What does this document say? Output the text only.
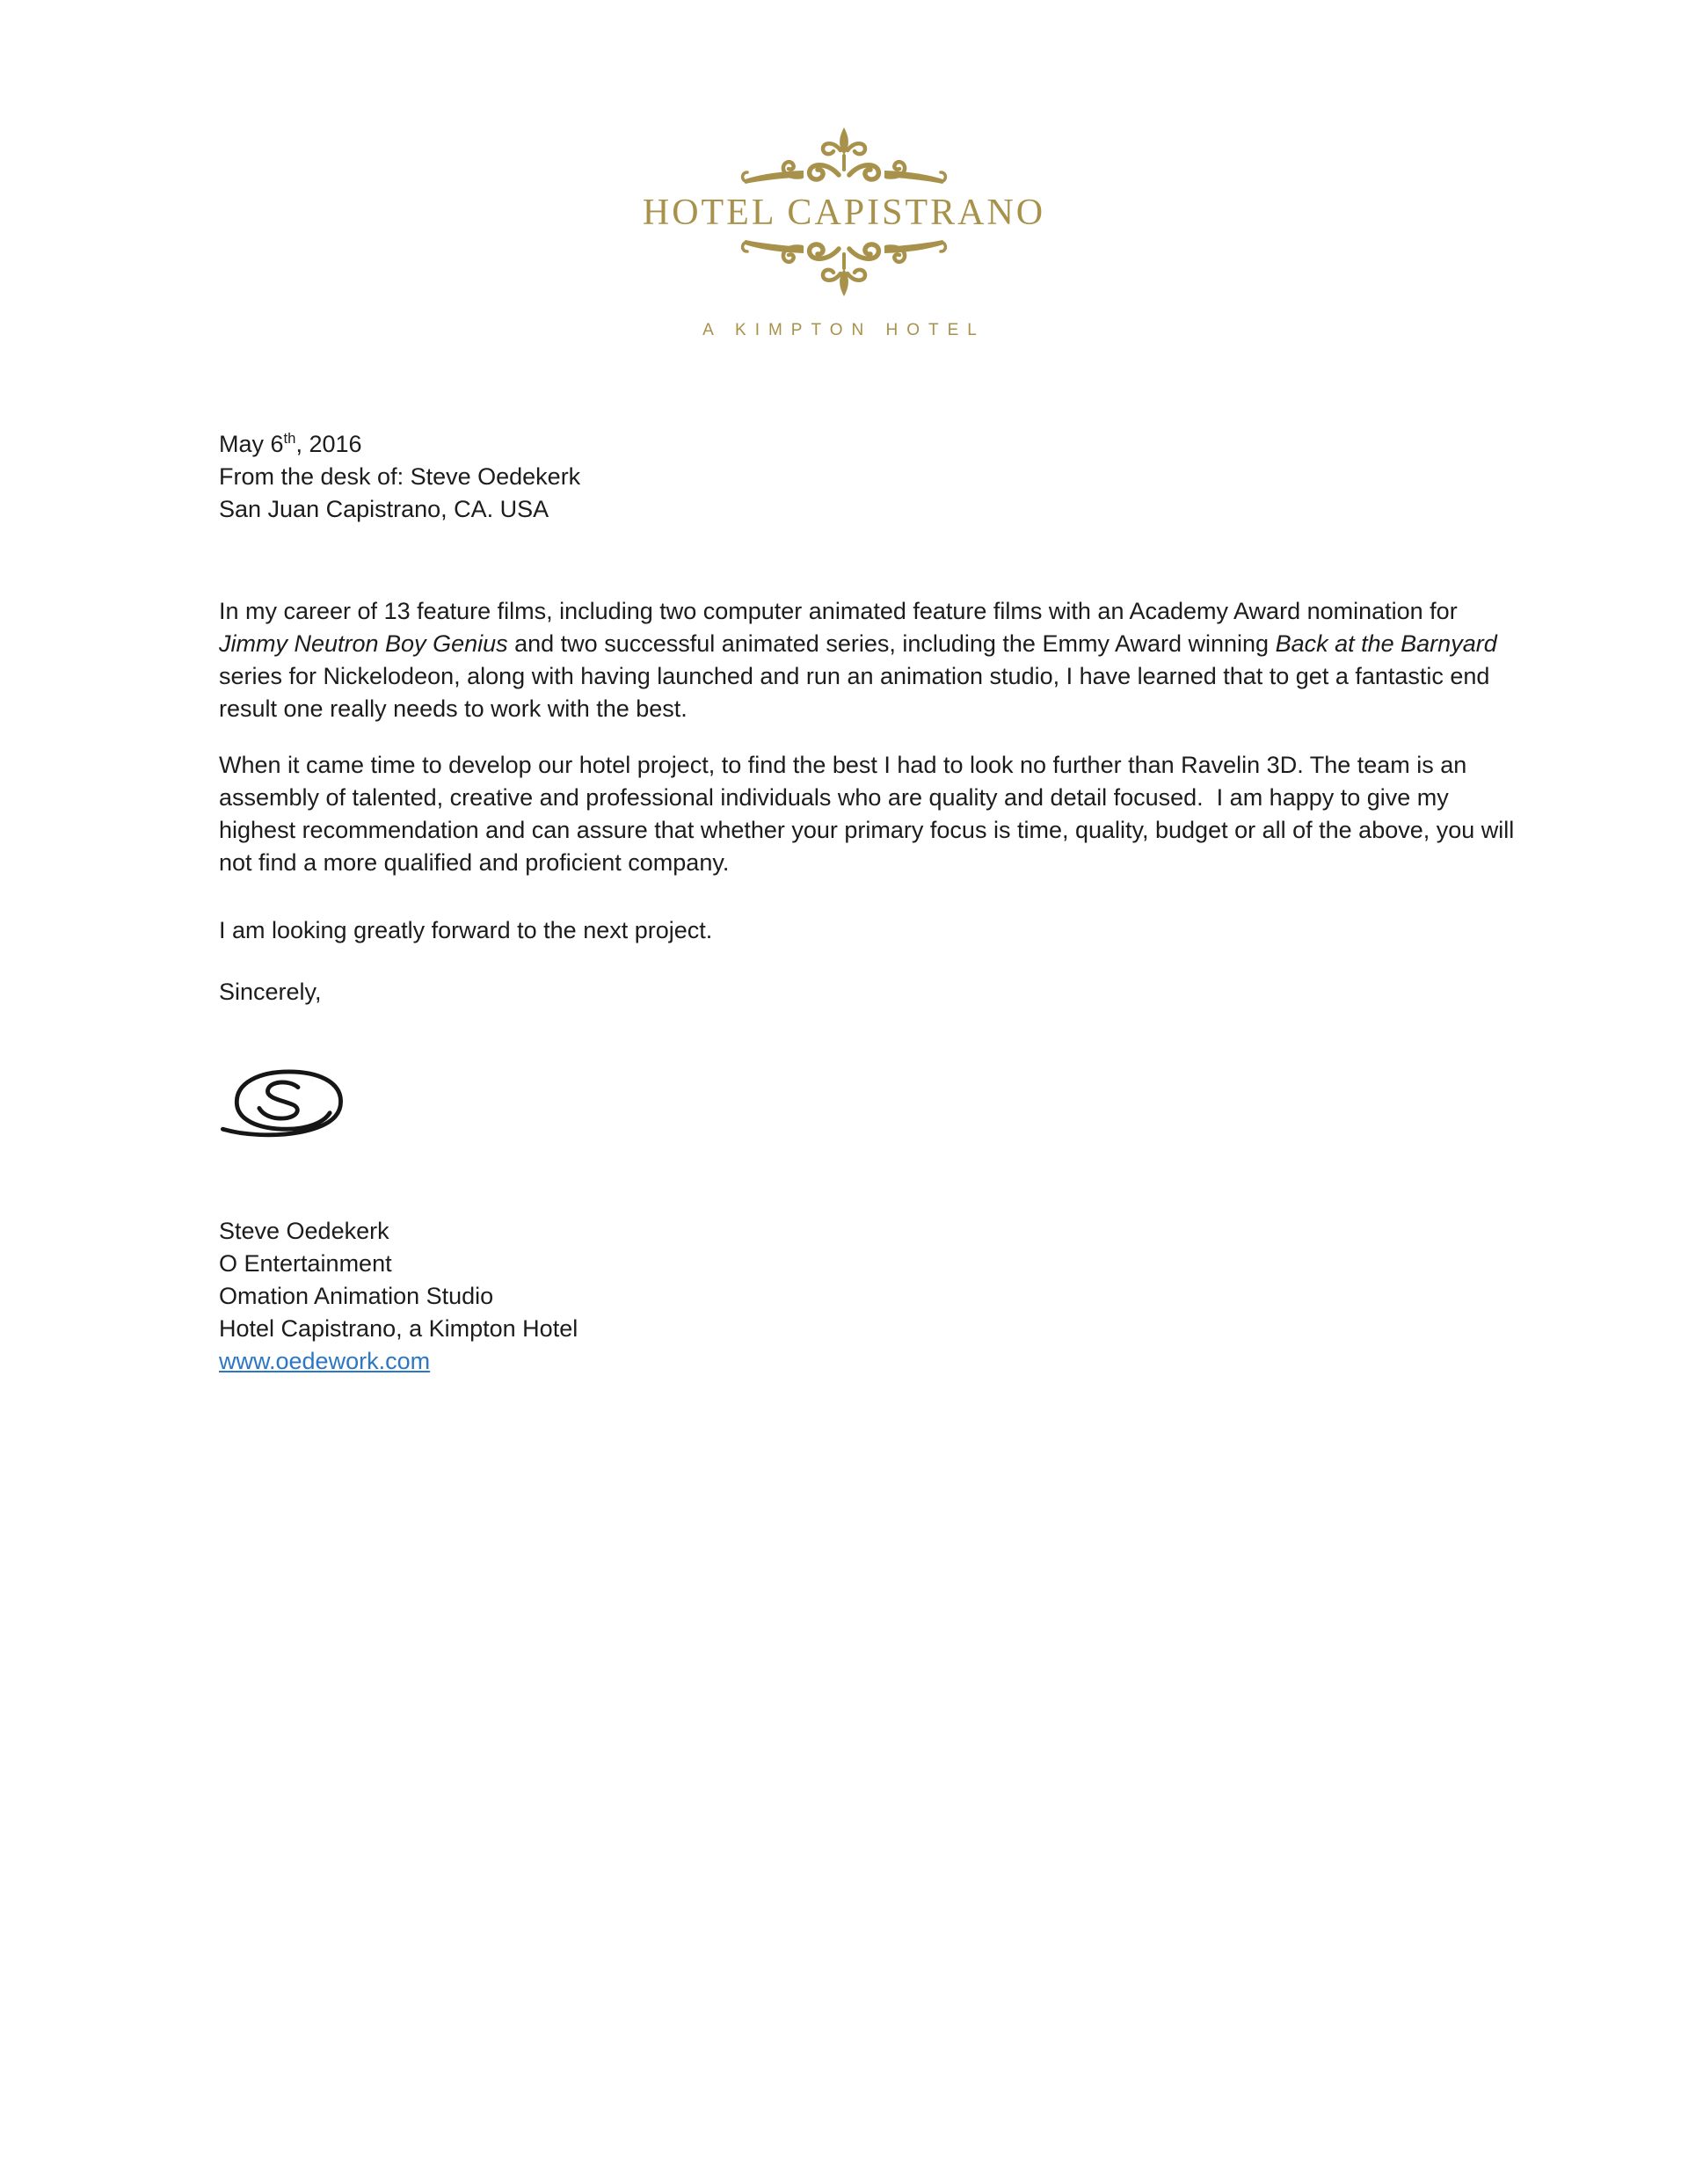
HOTEL CAPISTRANO
A KIMPTON HOTEL
May 6th, 2016
From the desk of: Steve Oedekerk
San Juan Capistrano, CA. USA

In my career of 13 feature films, including two computer animated feature films with an Academy Award nomination for Jimmy Neutron Boy Genius and two successful animated series, including the Emmy Award winning Back at the Barnyard series for Nickelodeon, along with having launched and run an animation studio, I have learned that to get a fantastic end result one really needs to work with the best.

When it came time to develop our hotel project, to find the best I had to look no further than Ravelin 3D. The team is an assembly of talented, creative and professional individuals who are quality and detail focused.  I am happy to give my highest recommendation and can assure that whether your primary focus is time, quality, budget or all of the above, you will not find a more qualified and proficient company.

I am looking greatly forward to the next project.

Sincerely,

Steve Oedekerk
O Entertainment
Omation Animation Studio
Hotel Capistrano, a Kimpton Hotel
www.oedework.com
